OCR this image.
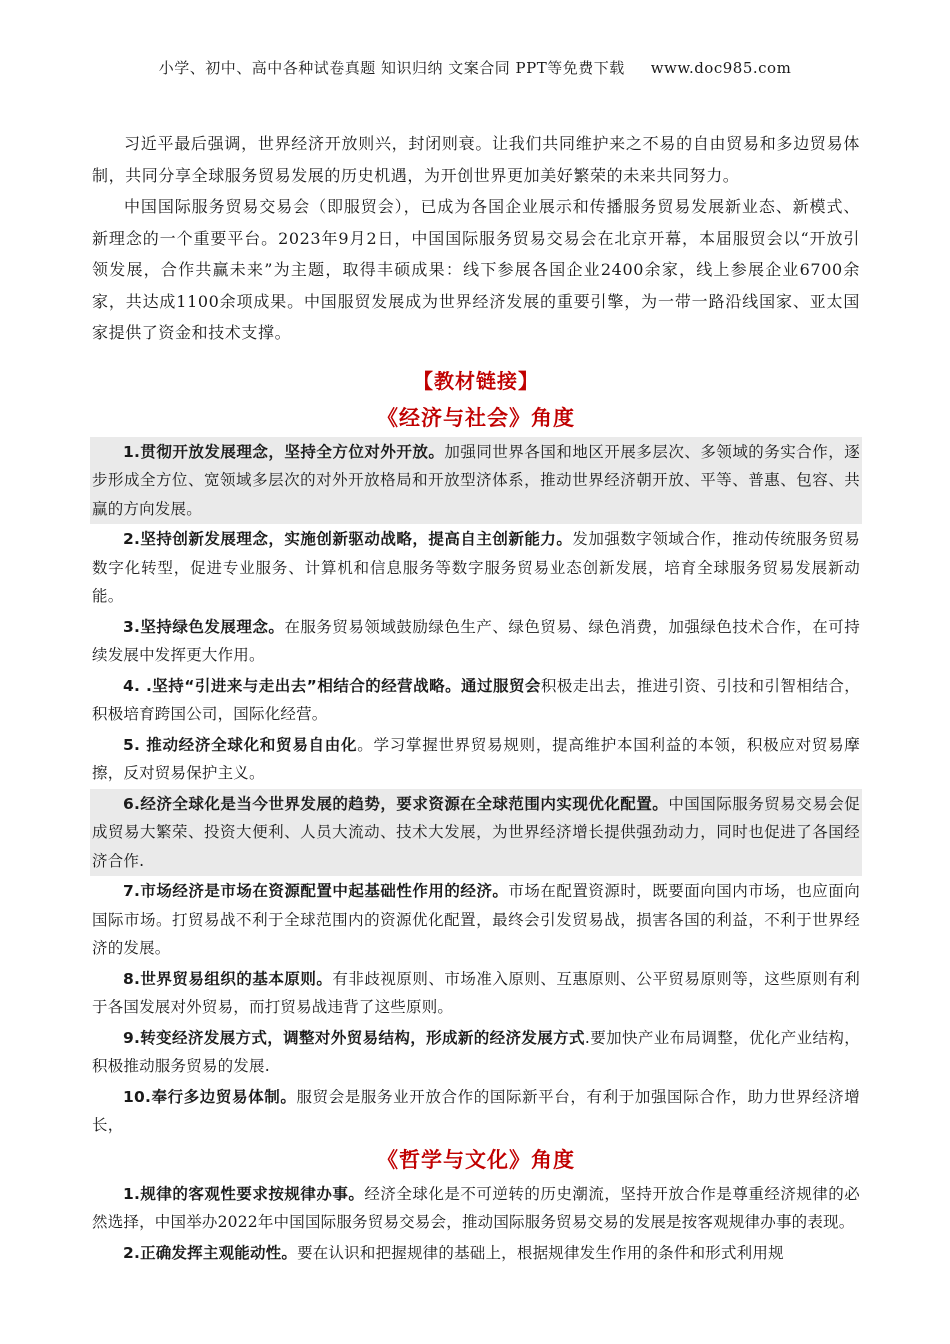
小学、初中、高中各种试卷真题 知识归纳 文案合同 PPT等免费下载 www.doc985.com

习近平最后强调，世界经济开放则兴，封闭则衰。让我们共同维护来之不易的自由贸易和多边贸易体制，共同分享全球服务贸易发展的历史机遇，为开创世界更加美好繁荣的未来共同努力。

中国国际服务贸易交易会（即服贸会），已成为各国企业展示和传播服务贸易发展新业态、新模式、新理念的一个重要平台。2023年9月2日，中国国际服务贸易交易会在北京开幕，本届服贸会以“开放引领发展，合作共赢未来”为主题，取得丰硕成果：线下参展各国企业2400余家，线上参展企业6700余家，共达成1100余项成果。中国服贸发展成为世界经济发展的重要引擎，为一带一路沿线国家、亚太国家提供了资金和技术支撑。

【教材链接】
《经济与社会》角度

1.贯彻开放发展理念，坚持全方位对外开放。加强同世界各国和地区开展多层次、多领域的务实合作，逐步形成全方位、宽领域多层次的对外开放格局和开放型济体系，推动世界经济朝开放、平等、普惠、包容、共赢的方向发展。

2.坚持创新发展理念，实施创新驱动战略，提高自主创新能力。发加强数字领域合作，推动传统服务贸易数字化转型，促进专业服务、计算机和信息服务等数字服务贸易业态创新发展，培育全球服务贸易发展新动能。

3.坚持绿色发展理念。在服务贸易领域鼓励绿色生产、绿色贸易、绿色消费，加强绿色技术合作，在可持续发展中发挥更大作用。

4. .坚持“引进来与走出去”相结合的经营战略。通过服贸会积极走出去，推进引资、引技和引智相结合，积极培育跨国公司，国际化经营。

5. 推动经济全球化和贸易自由化。学习掌握世界贸易规则，提高维护本国利益的本领，积极应对贸易摩擦，反对贸易保护主义。

6.经济全球化是当今世界发展的趋势，要求资源在全球范围内实现优化配置。中国国际服务贸易交易会促成贸易大繁荣、投资大便利、人员大流动、技术大发展，为世界经济增长提供强劲动力，同时也促进了各国经济合作.

7.市场经济是市场在资源配置中起基础性作用的经济。市场在配置资源时，既要面向国内市场，也应面向国际市场。打贸易战不利于全球范围内的资源优化配置，最终会引发贸易战，损害各国的利益，不利于世界经济的发展。

8.世界贸易组织的基本原则。有非歧视原则、市场准入原则、互惠原则、公平贸易原则等，这些原则有利于各国发展对外贸易，而打贸易战违背了这些原则。

9.转变经济发展方式，调整对外贸易结构，形成新的经济发展方式.要加快产业布局调整，优化产业结构，积极推动服务贸易的发展.

10.奉行多边贸易体制。服贸会是服务业开放合作的国际新平台，有利于加强国际合作，助力世界经济增长，

《哲学与文化》角度

1.规律的客观性要求按规律办事。经济全球化是不可逆转的历史潮流，坚持开放合作是尊重经济规律的必然选择，中国举办2022年中国国际服务贸易交易会，推动国际服务贸易交易的发展是按客观规律办事的表现。

2.正确发挥主观能动性。要在认识和把握规律的基础上，根据规律发生作用的条件和形式利用规
